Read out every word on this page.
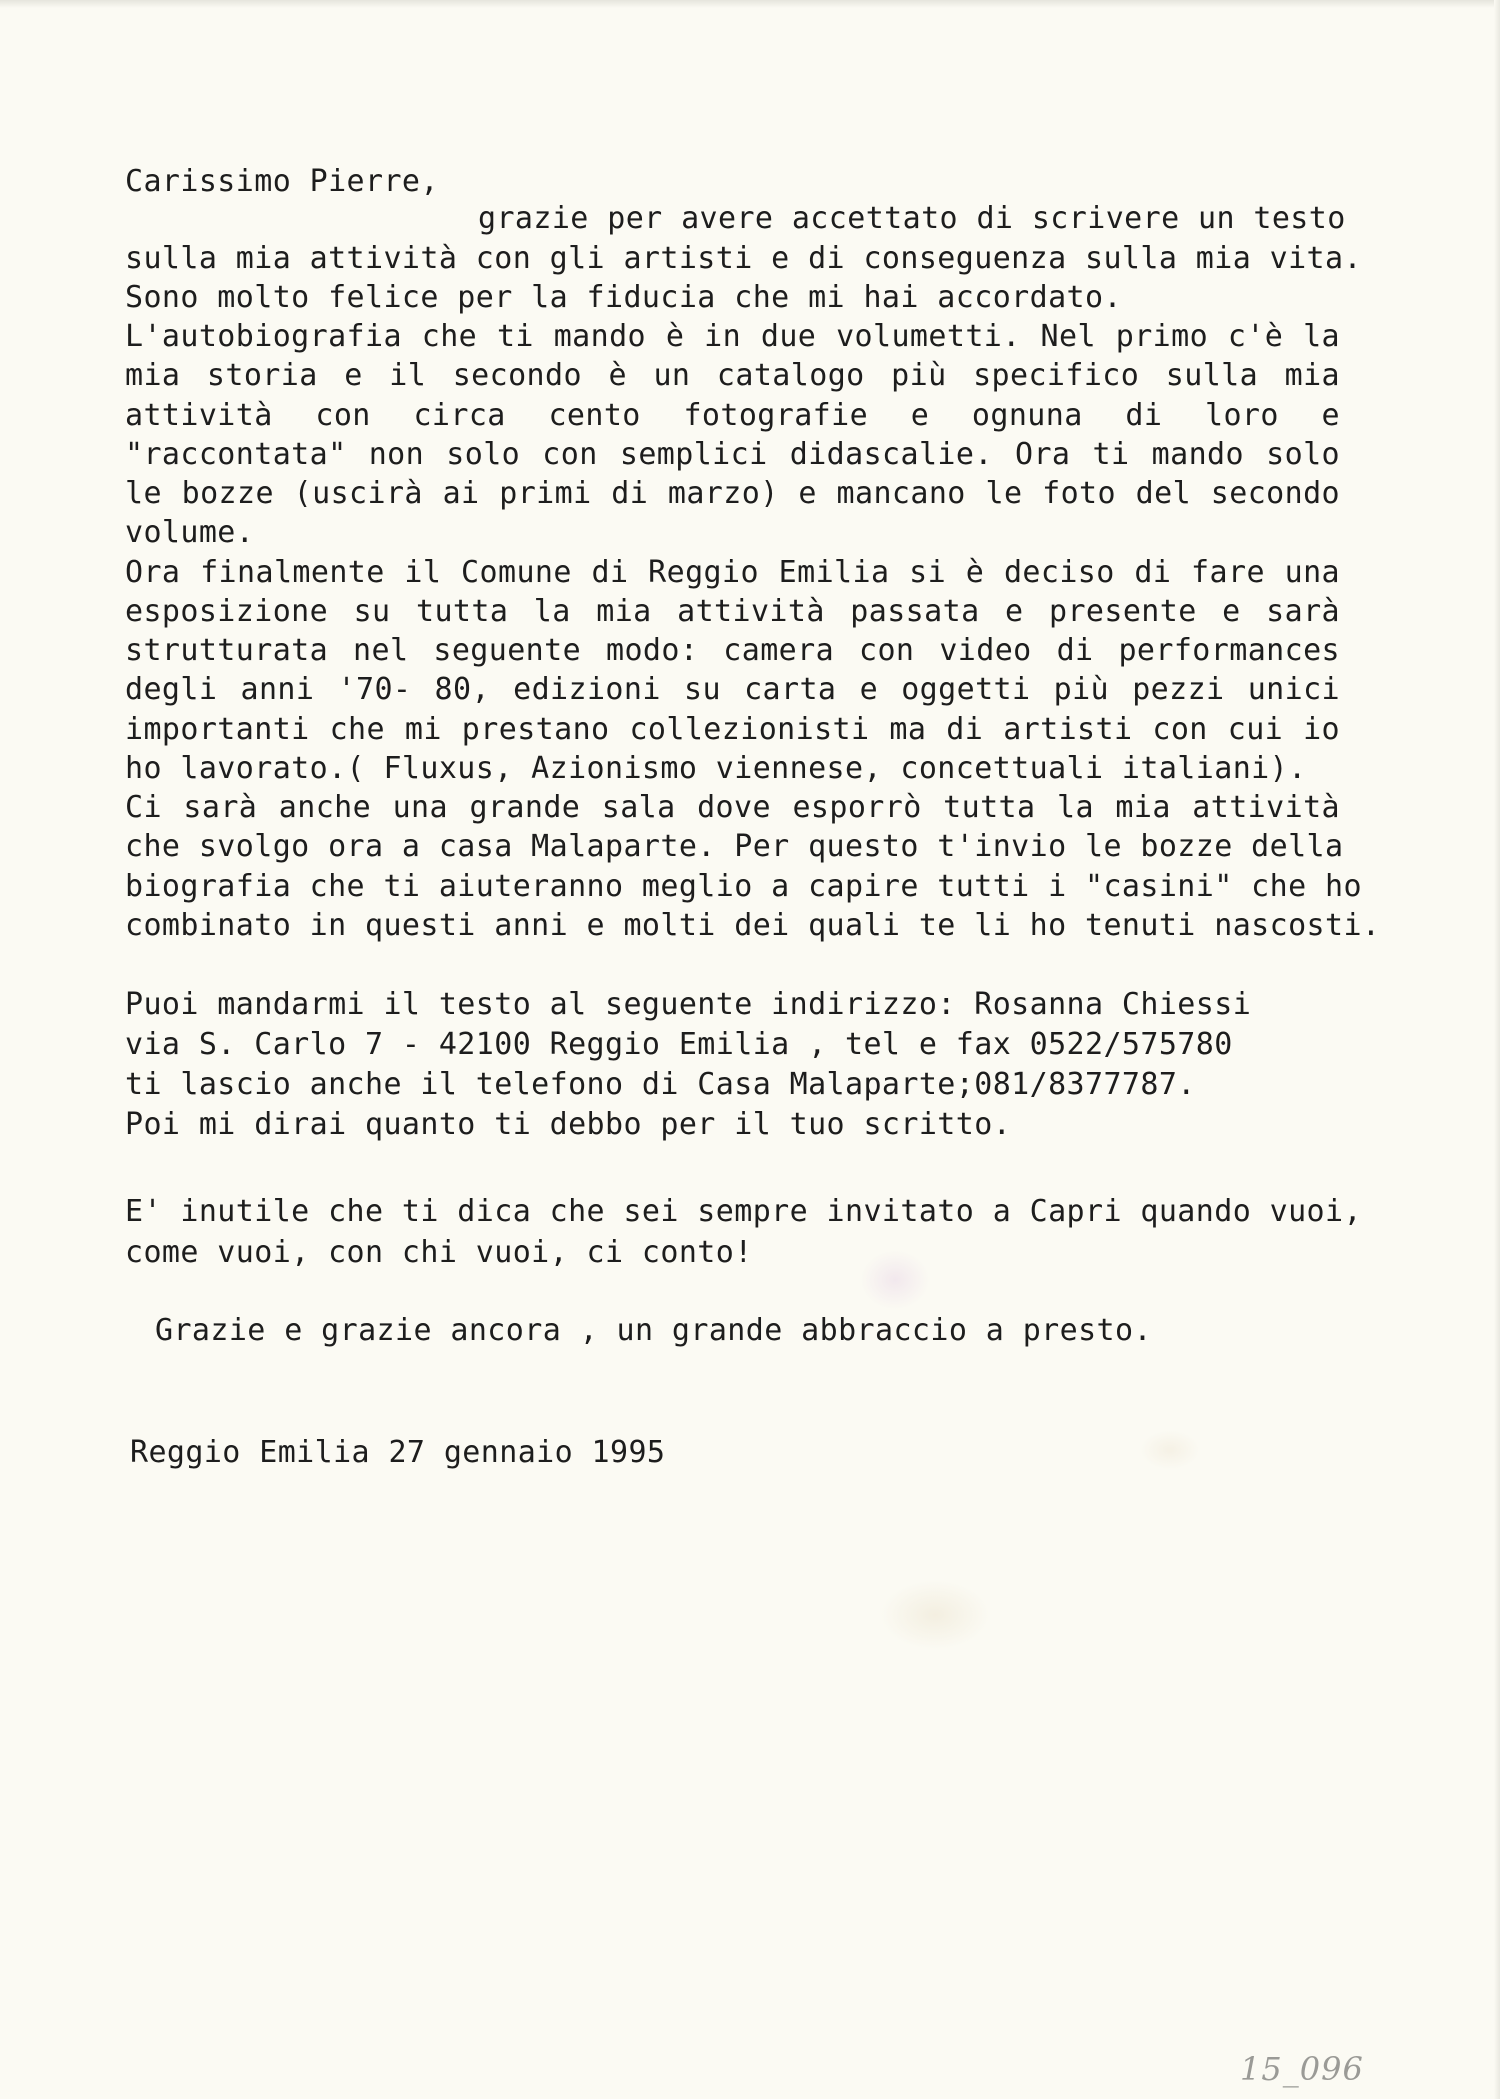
Carissimo Pierre,
grazie per avere accettato di scrivere un testo
sulla mia attività con gli artisti e di conseguenza sulla mia vita.
Sono molto felice per la fiducia che mi hai accordato.
L'autobiografia che ti mando è in due volumetti. Nel primo c'è la
mia storia e il secondo è un catalogo più specifico sulla mia
attività con circa cento fotografie e ognuna di loro e
"raccontata" non solo con semplici didascalie. Ora ti mando solo
le bozze (uscirà ai primi di marzo) e mancano le foto del secondo
volume.
Ora finalmente il Comune di Reggio Emilia si è deciso di fare una
esposizione su tutta la mia attività passata e presente e sarà
strutturata nel seguente modo: camera con video di performances
degli anni '70- 80, edizioni su carta e oggetti più pezzi unici
importanti che mi prestano collezionisti ma di artisti con cui io
ho lavorato.( Fluxus, Azionismo viennese, concettuali italiani).
Ci sarà anche una grande sala dove esporrò tutta la mia attività
che svolgo ora a casa Malaparte. Per questo t'invio le bozze della
biografia che ti aiuteranno meglio a capire tutti i "casini" che ho
combinato in questi anni e molti dei quali te li ho tenuti nascosti.
Puoi mandarmi il testo al seguente indirizzo: Rosanna Chiessi
via S. Carlo 7 - 42100 Reggio Emilia , tel e fax 0522/575780
ti lascio anche il telefono di Casa Malaparte;081/8377787.
Poi mi dirai quanto ti debbo per il tuo scritto.
E' inutile che ti dica che sei sempre invitato a Capri quando vuoi,
come vuoi, con chi vuoi, ci conto!
Grazie e grazie ancora , un grande abbraccio a presto.
Reggio Emilia 27 gennaio 1995
15_096
